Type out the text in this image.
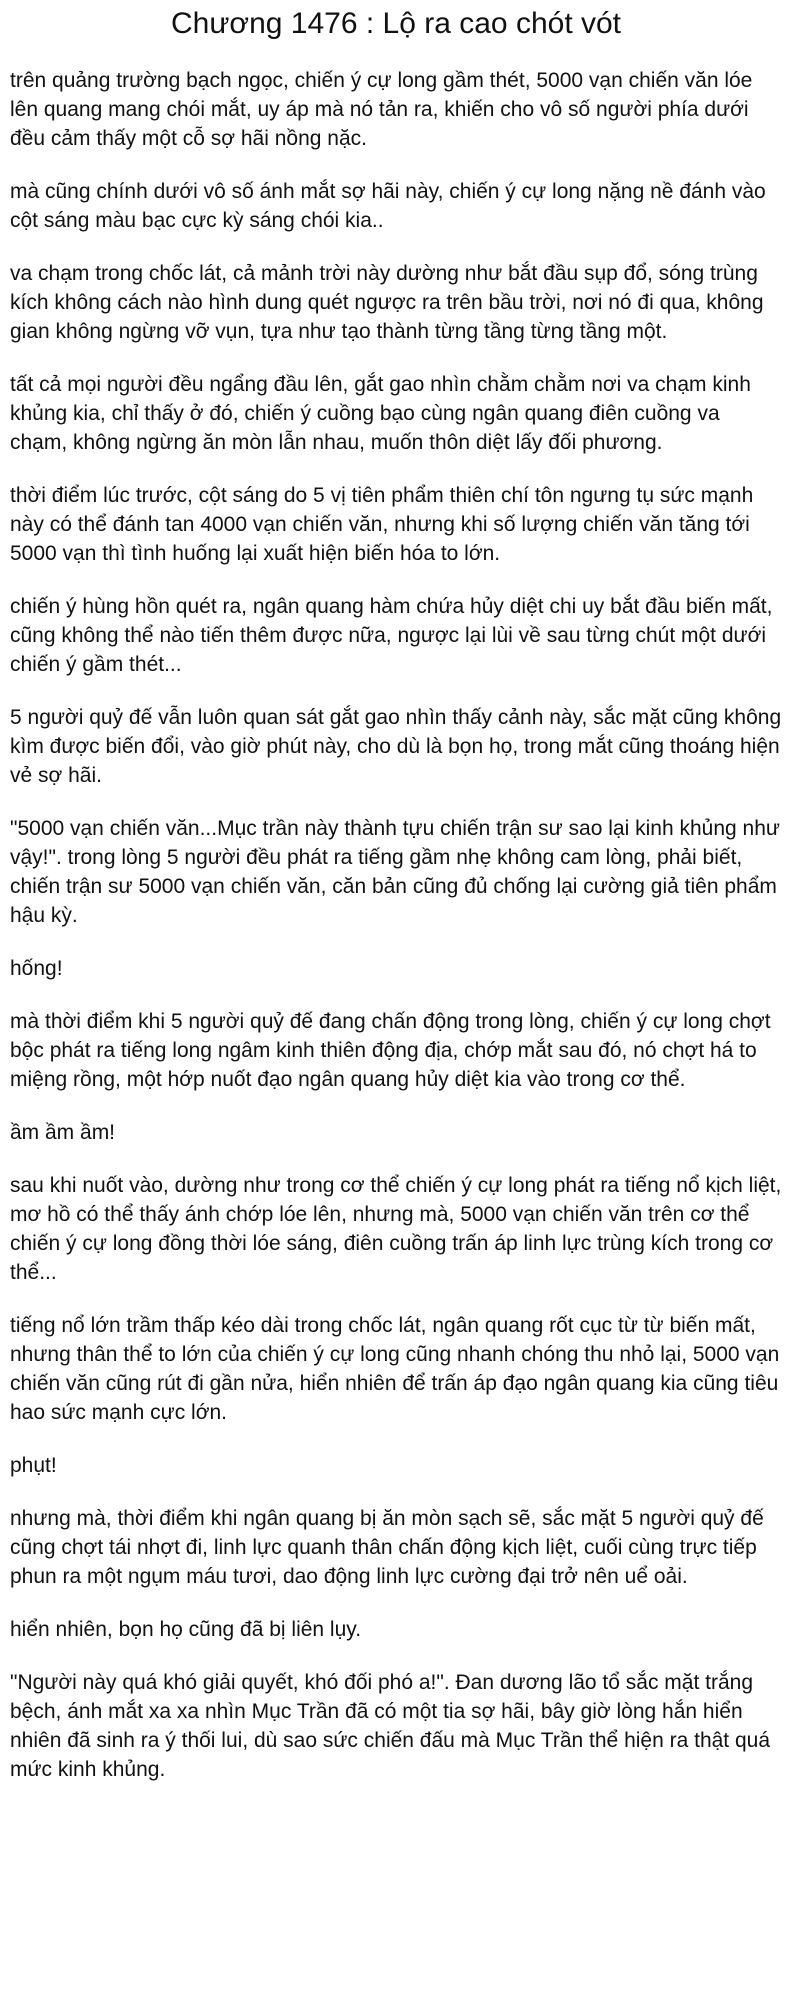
Chương 1476 : Lộ ra cao chót vót

trên quảng trường bạch ngọc, chiến ý cự long gầm thét, 5000 vạn chiến văn lóe lên quang mang chói mắt, uy áp mà nó tản ra, khiến cho vô số người phía dưới đều cảm thấy một cỗ sợ hãi nồng nặc.

mà cũng chính dưới vô số ánh mắt sợ hãi này, chiến ý cự long nặng nề đánh vào cột sáng màu bạc cực kỳ sáng chói kia..

va chạm trong chốc lát, cả mảnh trời này dường như bắt đầu sụp đổ, sóng trùng kích không cách nào hình dung quét ngược ra trên bầu trời, nơi nó đi qua, không gian không ngừng vỡ vụn, tựa như tạo thành từng tầng từng tầng một.

tất cả mọi người đều ngẩng đầu lên, gắt gao nhìn chằm chằm nơi va chạm kinh khủng kia, chỉ thấy ở đó, chiến ý cuồng bạo cùng ngân quang điên cuồng va chạm, không ngừng ăn mòn lẫn nhau, muốn thôn diệt lấy đối phương.

thời điểm lúc trước, cột sáng do 5 vị tiên phẩm thiên chí tôn ngưng tụ sức mạnh này có thể đánh tan 4000 vạn chiến văn, nhưng khi số lượng chiến văn tăng tới 5000 vạn thì tình huống lại xuất hiện biến hóa to lớn.

chiến ý hùng hồn quét ra, ngân quang hàm chứa hủy diệt chi uy bắt đầu biến mất, cũng không thể nào tiến thêm được nữa, ngược lại lùi về sau từng chút một dưới chiến ý gầm thét...

5 người quỷ đế vẫn luôn quan sát gắt gao nhìn thấy cảnh này, sắc mặt cũng không kìm được biến đổi, vào giờ phút này, cho dù là bọn họ, trong mắt cũng thoáng hiện vẻ sợ hãi.

"5000 vạn chiến văn...Mục trần này thành tựu chiến trận sư sao lại kinh khủng như vậy!". trong lòng 5 người đều phát ra tiếng gầm nhẹ không cam lòng, phải biết, chiến trận sư 5000 vạn chiến văn, căn bản cũng đủ chống lại cường giả tiên phẩm hậu kỳ.

hống!

mà thời điểm khi 5 người quỷ đế đang chấn động trong lòng, chiến ý cự long chợt bộc phát ra tiếng long ngâm kinh thiên động địa, chớp mắt sau đó, nó chợt há to miệng rồng, một hớp nuốt đạo ngân quang hủy diệt kia vào trong cơ thể.

ầm ầm ầm!

sau khi nuốt vào, dường như trong cơ thể chiến ý cự long phát ra tiếng nổ kịch liệt, mơ hồ có thể thấy ánh chớp lóe lên, nhưng mà, 5000 vạn chiến văn trên cơ thể chiến ý cự long đồng thời lóe sáng, điên cuồng trấn áp linh lực trùng kích trong cơ thể...

tiếng nổ lớn trầm thấp kéo dài trong chốc lát, ngân quang rốt cục từ từ biến mất, nhưng thân thể to lớn của chiến ý cự long cũng nhanh chóng thu nhỏ lại, 5000 vạn chiến văn cũng rút đi gần nửa, hiển nhiên để trấn áp đạo ngân quang kia cũng tiêu hao sức mạnh cực lớn.

phụt!

nhưng mà, thời điểm khi ngân quang bị ăn mòn sạch sẽ, sắc mặt 5 người quỷ đế cũng chợt tái nhợt đi, linh lực quanh thân chấn động kịch liệt, cuối cùng trực tiếp phun ra một ngụm máu tươi, dao động linh lực cường đại trở nên uể oải.

hiển nhiên, bọn họ cũng đã bị liên lụy.

"Người này quá khó giải quyết, khó đối phó a!". Đan dương lão tổ sắc mặt trắng bệch, ánh mắt xa xa nhìn Mục Trần đã có một tia sợ hãi, bây giờ lòng hắn hiển nhiên đã sinh ra ý thối lui, dù sao sức chiến đấu mà Mục Trần thể hiện ra thật quá mức kinh khủng.
